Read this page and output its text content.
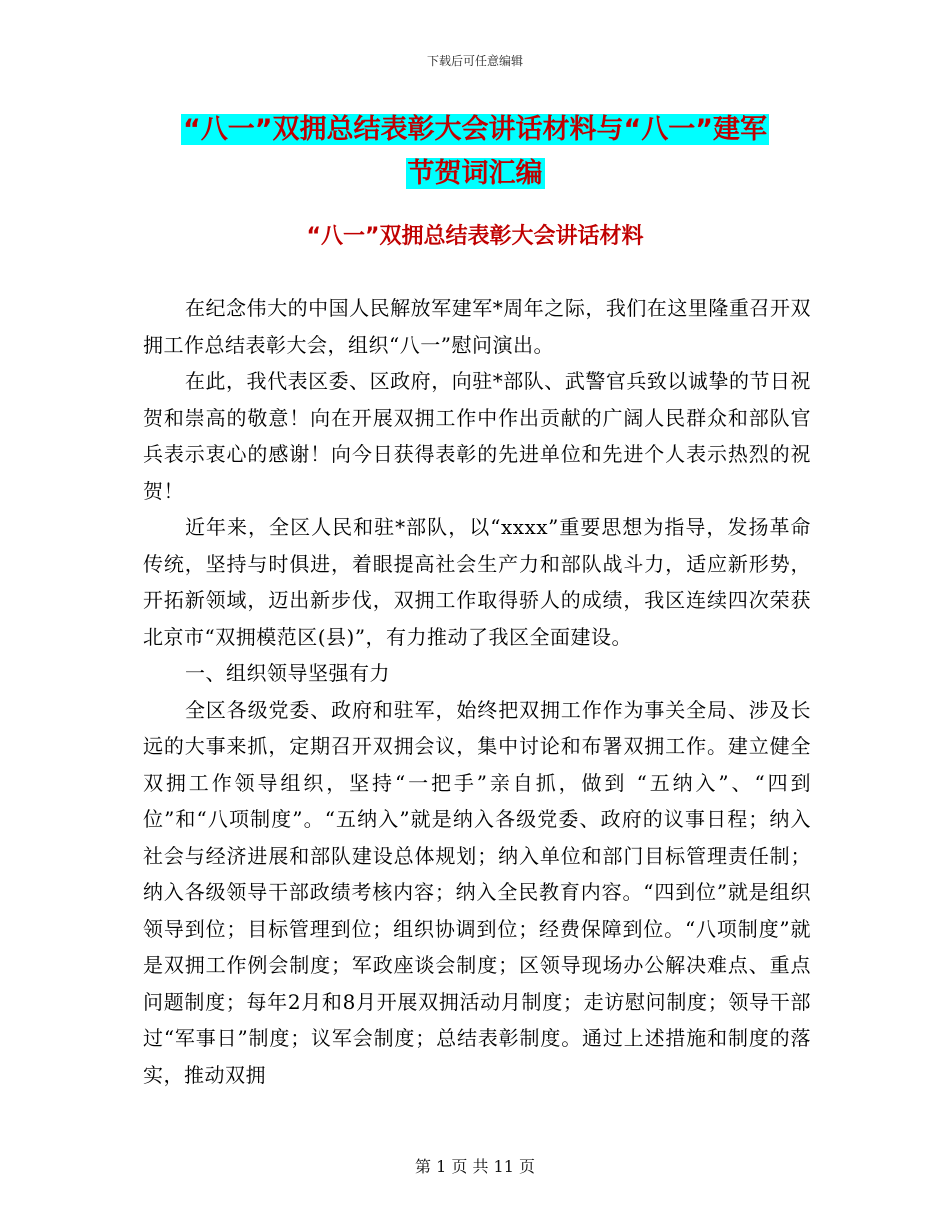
下载后可任意编辑
“八一”双拥总结表彰大会讲话材料与“八一”建军
节贺词汇编
“八一”双拥总结表彰大会讲话材料

在纪念伟大的中国人民解放军建军*周年之际，我们在这里隆重召开双拥工作总结表彰大会，组织“八一”慰问演出。

在此，我代表区委、区政府，向驻*部队、武警官兵致以诚挚的节日祝贺和崇高的敬意！向在开展双拥工作中作出贡献的广阔人民群众和部队官兵表示衷心的感谢！向今日获得表彰的先进单位和先进个人表示热烈的祝贺！

近年来，全区人民和驻*部队，以“xxxx”重要思想为指导，发扬革命传统，坚持与时俱进，着眼提高社会生产力和部队战斗力，适应新形势，开拓新领域，迈出新步伐，双拥工作取得骄人的成绩，我区连续四次荣获北京市“双拥模范区(县)”，有力推动了我区全面建设。

一、组织领导坚强有力

全区各级党委、政府和驻军，始终把双拥工作作为事关全局、涉及长远的大事来抓，定期召开双拥会议，集中讨论和布署双拥工作。建立健全双拥工作领导组织，坚持“一把手”亲自抓，做到 “五纳入”、“四到位”和“八项制度”。“五纳入”就是纳入各级党委、政府的议事日程；纳入社会与经济进展和部队建设总体规划；纳入单位和部门目标管理责任制；纳入各级领导干部政绩考核内容；纳入全民教育内容。“四到位”就是组织领导到位；目标管理到位；组织协调到位；经费保障到位。“八项制度”就是双拥工作例会制度；军政座谈会制度；区领导现场办公解决难点、重点问题制度；每年2月和8月开展双拥活动月制度；走访慰问制度；领导干部过“军事日”制度；议军会制度；总结表彰制度。通过上述措施和制度的落实，推动双拥

第 1 页 共 11 页
